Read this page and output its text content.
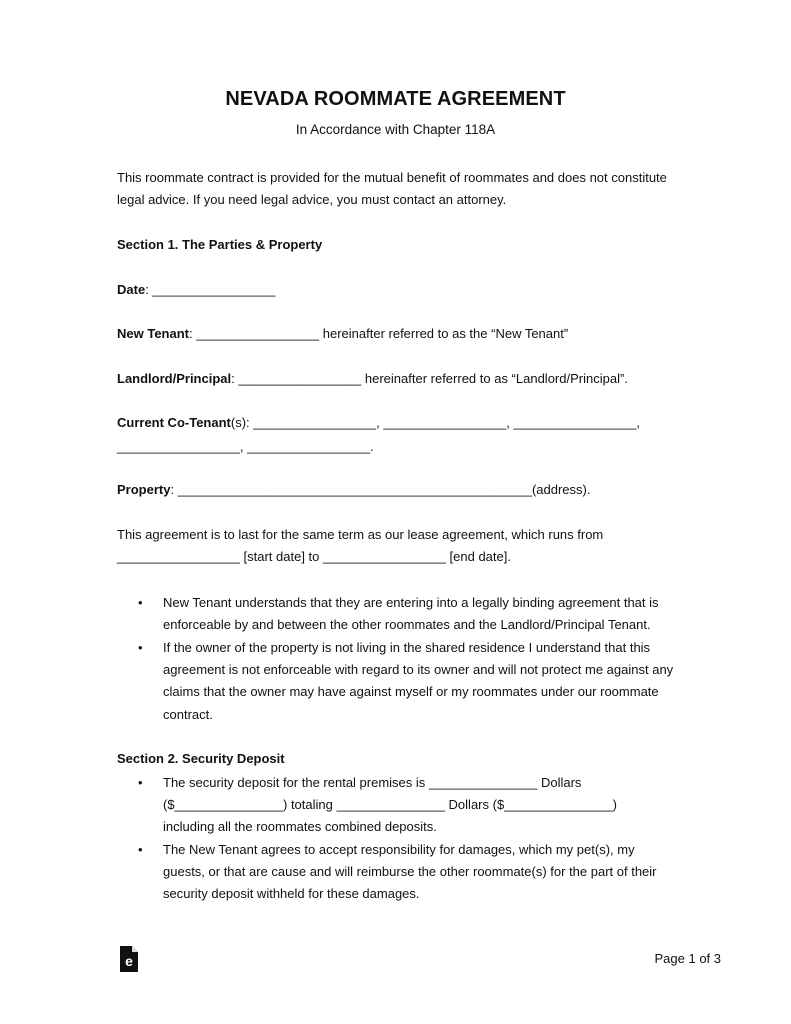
NEVADA ROOMMATE AGREEMENT
In Accordance with Chapter 118A
This roommate contract is provided for the mutual benefit of roommates and does not constitute
legal advice. If you need legal advice, you must contact an attorney.
Section 1. The Parties & Property
Date: _________________
New Tenant: _________________ hereinafter referred to as the “New Tenant”
Landlord/Principal: _________________ hereinafter referred to as “Landlord/Principal”.
Current Co-Tenant(s): _________________, _________________, _________________,
_________________, _________________.
Property: _________________________________________________(address).
This agreement is to last for the same term as our lease agreement, which runs from
_________________ [start date] to _________________ [end date].
• New Tenant understands that they are entering into a legally binding agreement that is
enforceable by and between the other roommates and the Landlord/Principal Tenant.
• If the owner of the property is not living in the shared residence I understand that this
agreement is not enforceable with regard to its owner and will not protect me against any
claims that the owner may have against myself or my roommates under our roommate
contract.
Section 2. Security Deposit
• The security deposit for the rental premises is _______________ Dollars
($_______________) totaling _______________ Dollars ($_______________)
including all the roommates combined deposits.
• The New Tenant agrees to accept responsibility for damages, which my pet(s), my
guests, or that are cause and will reimburse the other roommate(s) for the part of their
security deposit withheld for these damages.
e	Page 1 of 3
